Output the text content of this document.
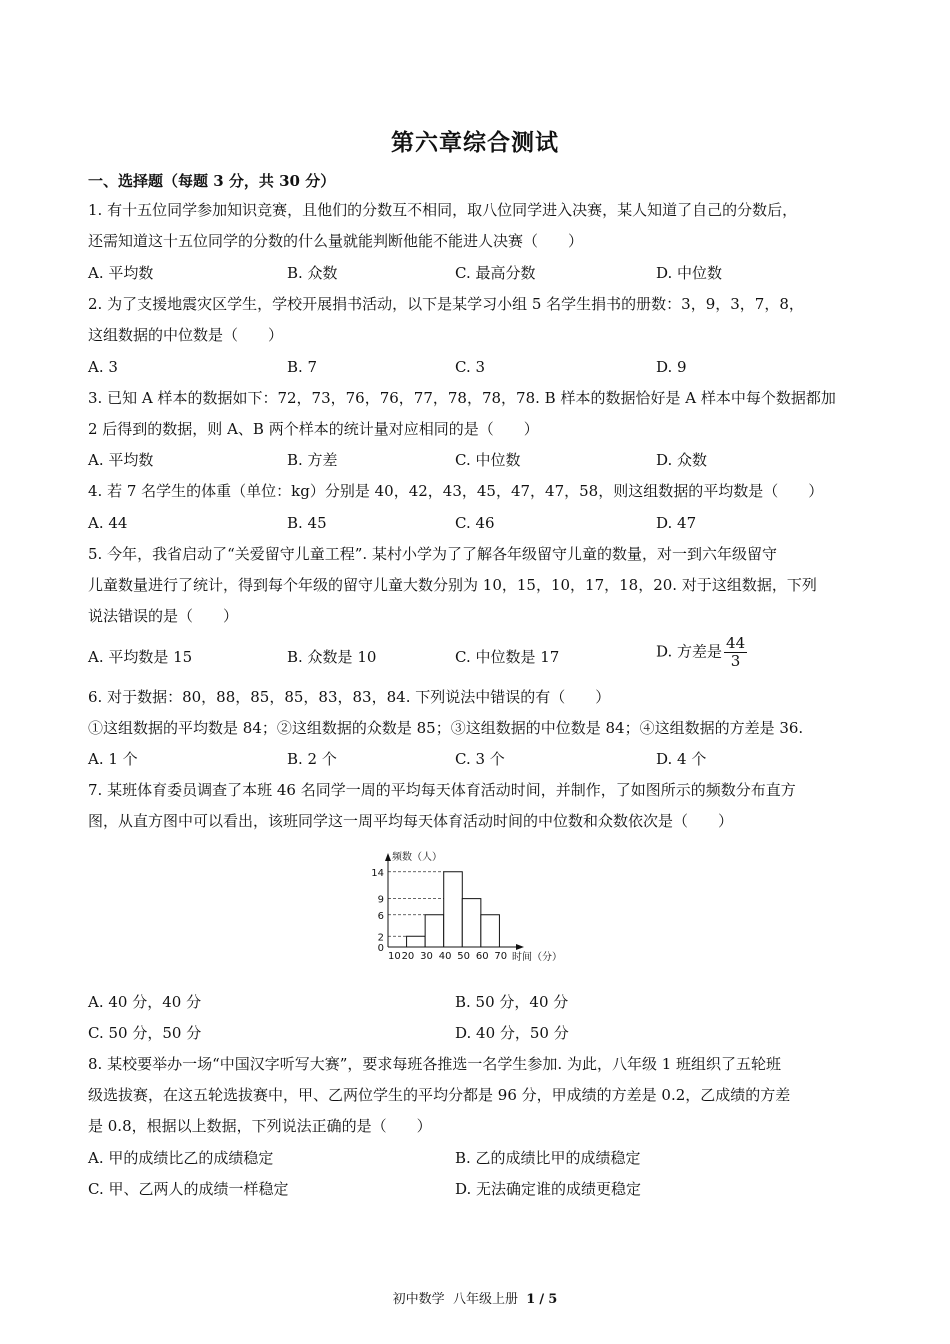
第六章综合测试
一、选择题（每题 3 分，共 30 分）
1. 有十五位同学参加知识竞赛，且他们的分数互不相同，取八位同学进入决赛，某人知道了自己的分数后，
还需知道这十五位同学的分数的什么量就能判断他能不能进人决赛（　　）
A. 平均数	B. 众数	C. 最高分数	D. 中位数
2. 为了支援地震灾区学生，学校开展捐书活动，以下是某学习小组 5 名学生捐书的册数：3，9，3，7，8，
这组数据的中位数是（　　）
A. 3	B. 7	C. 3	D. 9
3. 已知 A 样本的数据如下：72，73，76，76，77，78，78，78. B 样本的数据恰好是 A 样本中每个数据都加
2 后得到的数据，则 A、B 两个样本的统计量对应相同的是（　　）
A. 平均数	B. 方差	C. 中位数	D. 众数
4. 若 7 名学生的体重（单位：kg）分别是 40，42，43，45，47，47，58，则这组数据的平均数是（　　）
A. 44	B. 45	C. 46	D. 47
5. 今年，我省启动了“关爱留守儿童工程”. 某村小学为了了解各年级留守儿童的数量，对一到六年级留守
儿童数量进行了统计，得到每个年级的留守儿童大数分别为 10，15，10，17，18，20. 对于这组数据，下列
说法错误的是（　　）
A. 平均数是 15	B. 众数是 10	C. 中位数是 17	D. 方差是 $\frac{44}{3}$
6. 对于数据：80，88，85，85，83，83，84. 下列说法中错误的有（　　）
①这组数据的平均数是 84；②这组数据的众数是 85；③这组数据的中位数是 84；④这组数据的方差是 36.
A. 1 个	B. 2 个	C. 3 个	D. 4 个
7. 某班体育委员调查了本班 46 名同学一周的平均每天体育活动时间，并制作，了如图所示的频数分布直方
图，从直方图中可以看出，该班同学这一周平均每天体育活动时间的中位数和众数依次是（　　）
频数（人）
时间（分）
10 20 30 40 50 60 70
0
2
6
9
14
A. 40 分，40 分	B. 50 分，40 分
C. 50 分，50 分	D. 40 分，50 分
8. 某校要举办一场“中国汉字听写大赛”，要求每班各推选一名学生参加. 为此，八年级 1 班组织了五轮班
级选拔赛，在这五轮选拔赛中，甲、乙两位学生的平均分都是 96 分，甲成绩的方差是 0.2，乙成绩的方差
是 0.8，根据以上数据，下列说法正确的是（　　）
A. 甲的成绩比乙的成绩稳定	B. 乙的成绩比甲的成绩稳定
C. 甲、乙两人的成绩一样稳定	D. 无法确定谁的成绩更稳定
初中数学 八年级上册 1 / 5
